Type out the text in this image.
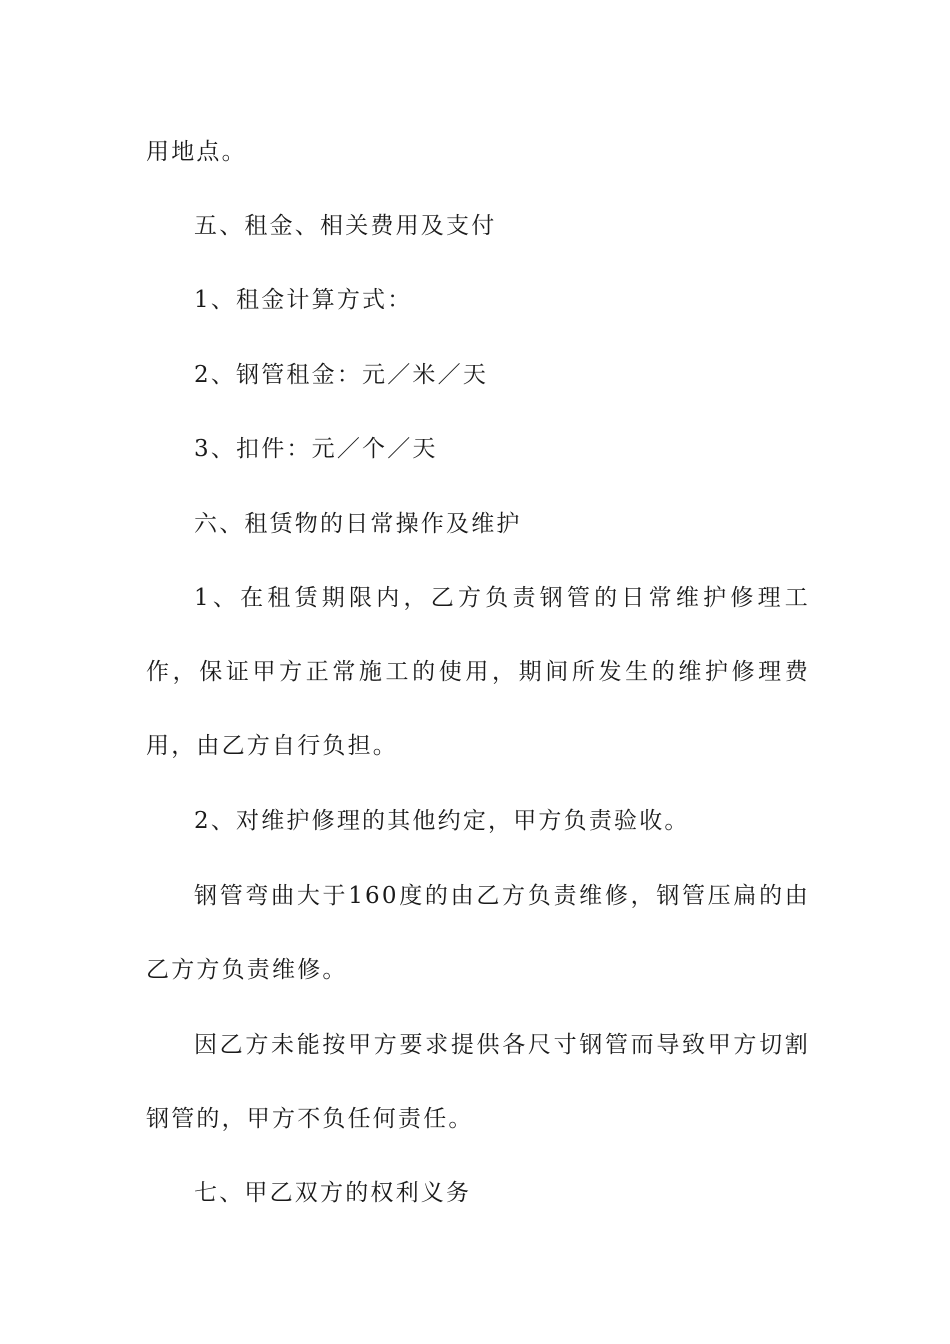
用地点。

五、租金、相关费用及支付

1、租金计算方式：

2、钢管租金：元／米／天

3、扣件：元／个／天

六、租赁物的日常操作及维护

1、在租赁期限内，乙方负责钢管的日常维护修理工作，保证甲方正常施工的使用，期间所发生的维护修理费用，由乙方自行负担。

2、对维护修理的其他约定，甲方负责验收。

钢管弯曲大于160度的由乙方负责维修，钢管压扁的由乙方方负责维修。

因乙方未能按甲方要求提供各尺寸钢管而导致甲方切割钢管的，甲方不负任何责任。

七、甲乙双方的权利义务
